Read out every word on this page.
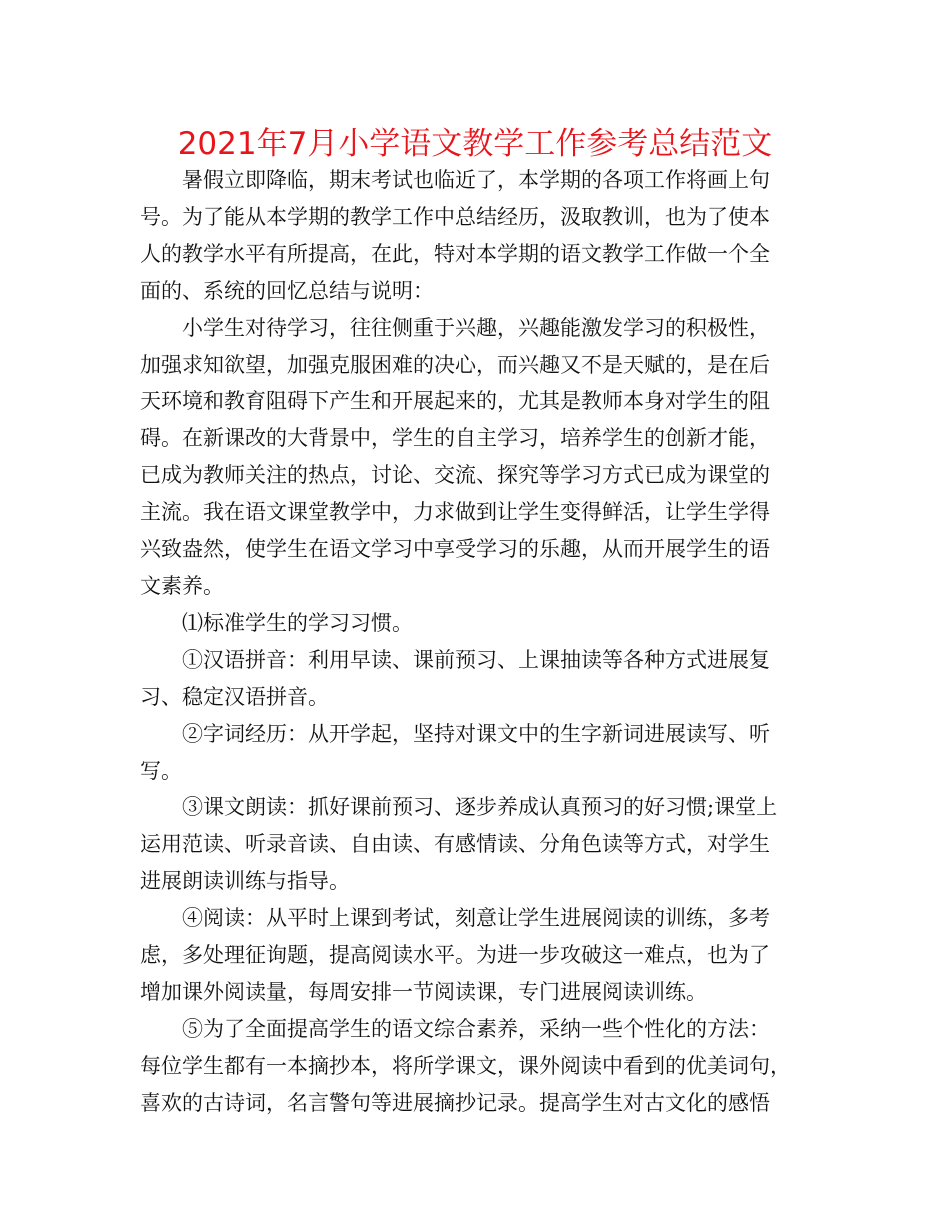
2021年7月小学语文教学工作参考总结范文
暑假立即降临，期末考试也临近了，本学期的各项工作将画上句
号。为了能从本学期的教学工作中总结经历，汲取教训，也为了使本
人的教学水平有所提高，在此，特对本学期的语文教学工作做一个全
面的、系统的回忆总结与说明：
小学生对待学习，往往侧重于兴趣，兴趣能激发学习的积极性，
加强求知欲望，加强克服困难的决心，而兴趣又不是天赋的，是在后
天环境和教育阻碍下产生和开展起来的，尤其是教师本身对学生的阻
碍。在新课改的大背景中，学生的自主学习，培养学生的创新才能，
已成为教师关注的热点，讨论、交流、探究等学习方式已成为课堂的
主流。我在语文课堂教学中，力求做到让学生变得鲜活，让学生学得
兴致盎然，使学生在语文学习中享受学习的乐趣，从而开展学生的语
文素养。
⑴标准学生的学习习惯。
①汉语拼音：利用早读、课前预习、上课抽读等各种方式进展复
习、稳定汉语拼音。
②字词经历：从开学起，坚持对课文中的生字新词进展读写、听
写。
③课文朗读：抓好课前预习、逐步养成认真预习的好习惯;课堂上
运用范读、听录音读、自由读、有感情读、分角色读等方式，对学生
进展朗读训练与指导。
④阅读：从平时上课到考试，刻意让学生进展阅读的训练，多考
虑，多处理征询题，提高阅读水平。为进一步攻破这一难点，也为了
增加课外阅读量，每周安排一节阅读课，专门进展阅读训练。
⑤为了全面提高学生的语文综合素养，采纳一些个性化的方法：
每位学生都有一本摘抄本，将所学课文，课外阅读中看到的优美词句，
喜欢的古诗词，名言警句等进展摘抄记录。提高学生对古文化的感悟
